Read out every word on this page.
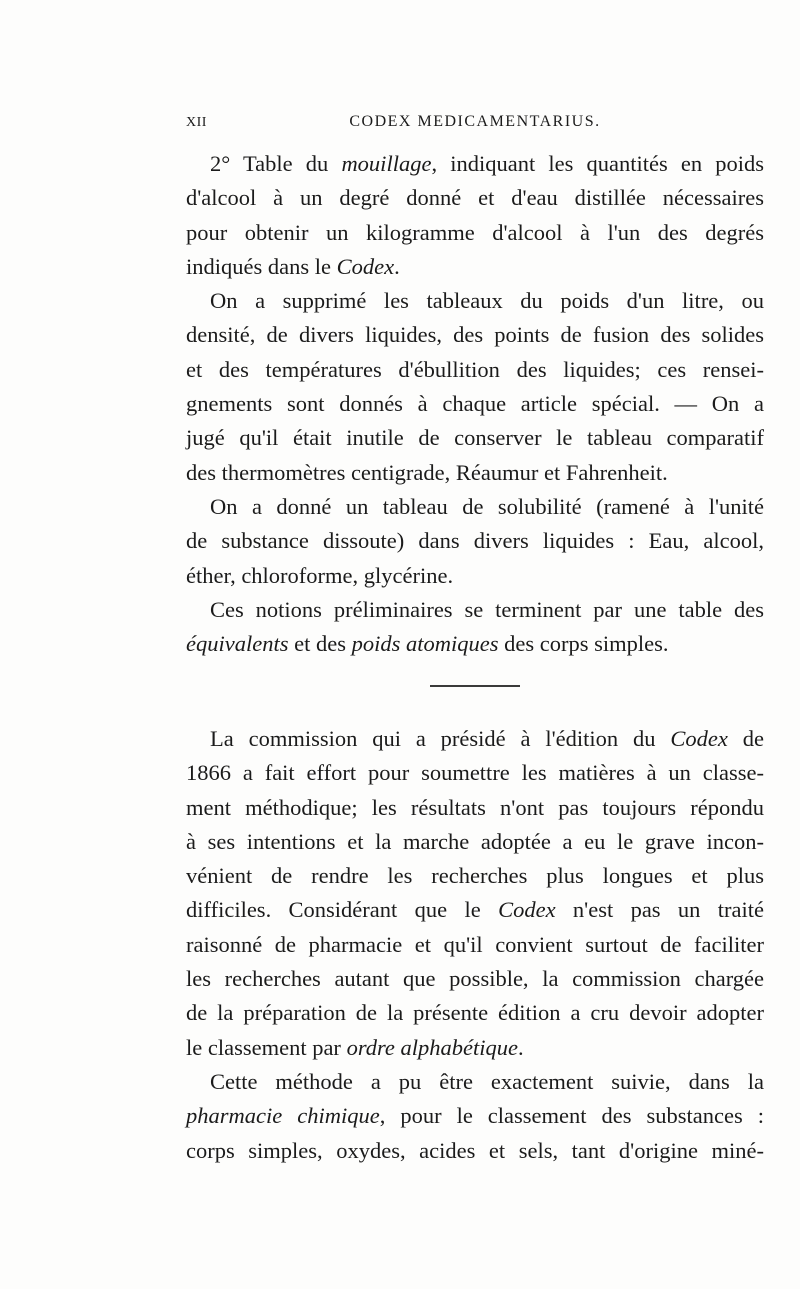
XII	CODEX MEDICAMENTARIUS.
2° Table du mouillage, indiquant les quantités en poids
d'alcool à un degré donné et d'eau distillée nécessaires
pour obtenir un kilogramme d'alcool à l'un des degrés
indiqués dans le Codex.
On a supprimé les tableaux du poids d'un litre, ou
densité, de divers liquides, des points de fusion des solides
et des températures d'ébullition des liquides; ces rensei-
gnements sont donnés à chaque article spécial. — On a
jugé qu'il était inutile de conserver le tableau comparatif
des thermomètres centigrade, Réaumur et Fahrenheit.
On a donné un tableau de solubilité (ramené à l'unité
de substance dissoute) dans divers liquides : Eau, alcool,
éther, chloroforme, glycérine.
Ces notions préliminaires se terminent par une table des
équivalents et des poids atomiques des corps simples.
La commission qui a présidé à l'édition du Codex de
1866 a fait effort pour soumettre les matières à un classe-
ment méthodique; les résultats n'ont pas toujours répondu
à ses intentions et la marche adoptée a eu le grave incon-
vénient de rendre les recherches plus longues et plus
difficiles. Considérant que le Codex n'est pas un traité
raisonné de pharmacie et qu'il convient surtout de faciliter
les recherches autant que possible, la commission chargée
de la préparation de la présente édition a cru devoir adopter
le classement par ordre alphabétique.
Cette méthode a pu être exactement suivie, dans la
pharmacie chimique, pour le classement des substances :
corps simples, oxydes, acides et sels, tant d'origine miné-
